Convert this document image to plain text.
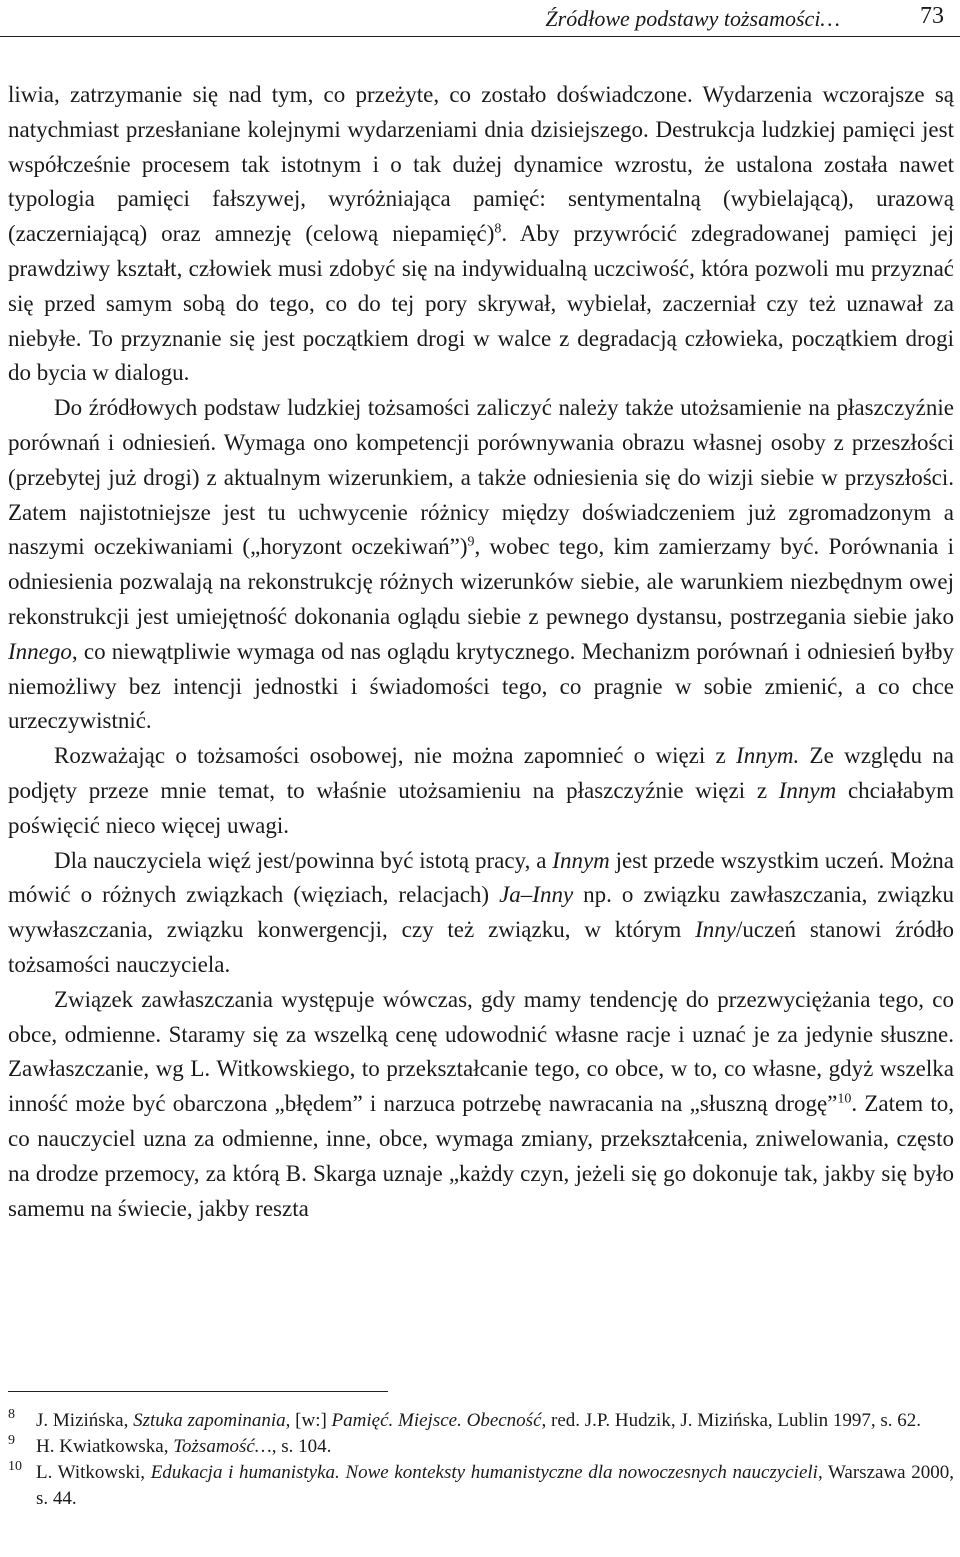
Źródłowe podstawy tożsamości…	73

liwia, zatrzymanie się nad tym, co przeżyte, co zostało doświadczone. Wydarzenia wczorajsze są natychmiast przesłaniane kolejnymi wydarzeniami dnia dzisiejszego. Destrukcja ludzkiej pamięci jest współcześnie procesem tak istotnym i o tak dużej dynamice wzrostu, że ustalona została nawet typologia pamięci fałszywej, wyróżniająca pamięć: sentymentalną (wybielającą), urazową (zaczerniającą) oraz amnezję (celową niepamięć)$^8$. Aby przywrócić zdegradowanej pamięci jej prawdziwy kształt, człowiek musi zdobyć się na indywidualną uczciwość, która pozwoli mu przyznać się przed samym sobą do tego, co do tej pory skrywał, wybielał, zaczerniał czy też uznawał za niebyłe. To przyznanie się jest początkiem drogi w walce z degradacją człowieka, początkiem drogi do bycia w dialogu.

Do źródłowych podstaw ludzkiej tożsamości zaliczyć należy także utożsamienie na płaszczyźnie porównań i odniesień. Wymaga ono kompetencji porównywania obrazu własnej osoby z przeszłości (przebytej już drogi) z aktualnym wizerunkiem, a także odniesienia się do wizji siebie w przyszłości. Zatem najistotniejsze jest tu uchwycenie różnicy między doświadczeniem już zgromadzonym a naszymi oczekiwaniami („horyzont oczekiwań”)$^9$, wobec tego, kim zamierzamy być. Porównania i odniesienia pozwalają na rekonstrukcję różnych wizerunków siebie, ale warunkiem niezbędnym owej rekonstrukcji jest umiejętność dokonania oglądu siebie z pewnego dystansu, postrzegania siebie jako Innego, co niewątpliwie wymaga od nas oglądu krytycznego. Mechanizm porównań i odniesień byłby niemożliwy bez intencji jednostki i świadomości tego, co pragnie w sobie zmienić, a co chce urzeczywistnić.

Rozważając o tożsamości osobowej, nie można zapomnieć o więzi z Innym. Ze względu na podjęty przeze mnie temat, to właśnie utożsamieniu na płaszczyźnie więzi z Innym chciałabym poświęcić nieco więcej uwagi.

Dla nauczyciela więź jest/powinna być istotą pracy, a Innym jest przede wszystkim uczeń. Można mówić o różnych związkach (więziach, relacjach) Ja–Inny np. o związku zawłaszczania, związku wywłaszczania, związku konwergencji, czy też związku, w którym Inny/uczeń stanowi źródło tożsamości nauczyciela.

Związek zawłaszczania występuje wówczas, gdy mamy tendencję do przezwyciężania tego, co obce, odmienne. Staramy się za wszelką cenę udowodnić własne racje i uznać je za jedynie słuszne. Zawłaszczanie, wg L. Witkowskiego, to przekształcanie tego, co obce, w to, co własne, gdyż wszelka inność może być obarczona „błędem” i narzuca potrzebę nawracania na „słuszną drogę”$^{10}$. Zatem to, co nauczyciel uzna za odmienne, inne, obce, wymaga zmiany, przekształcenia, zniwelowania, często na drodze przemocy, za którą B. Skarga uznaje „każdy czyn, jeżeli się go dokonuje tak, jakby się było samemu na świecie, jakby reszta

8 J. Mizińska, Sztuka zapominania, [w:] Pamięć. Miejsce. Obecność, red. J.P. Hudzik, J. Mizińska, Lublin 1997, s. 62.
9 H. Kwiatkowska, Tożsamość…, s. 104.
10 L. Witkowski, Edukacja i humanistyka. Nowe konteksty humanistyczne dla nowoczesnych nauczycieli, Warszawa 2000, s. 44.
